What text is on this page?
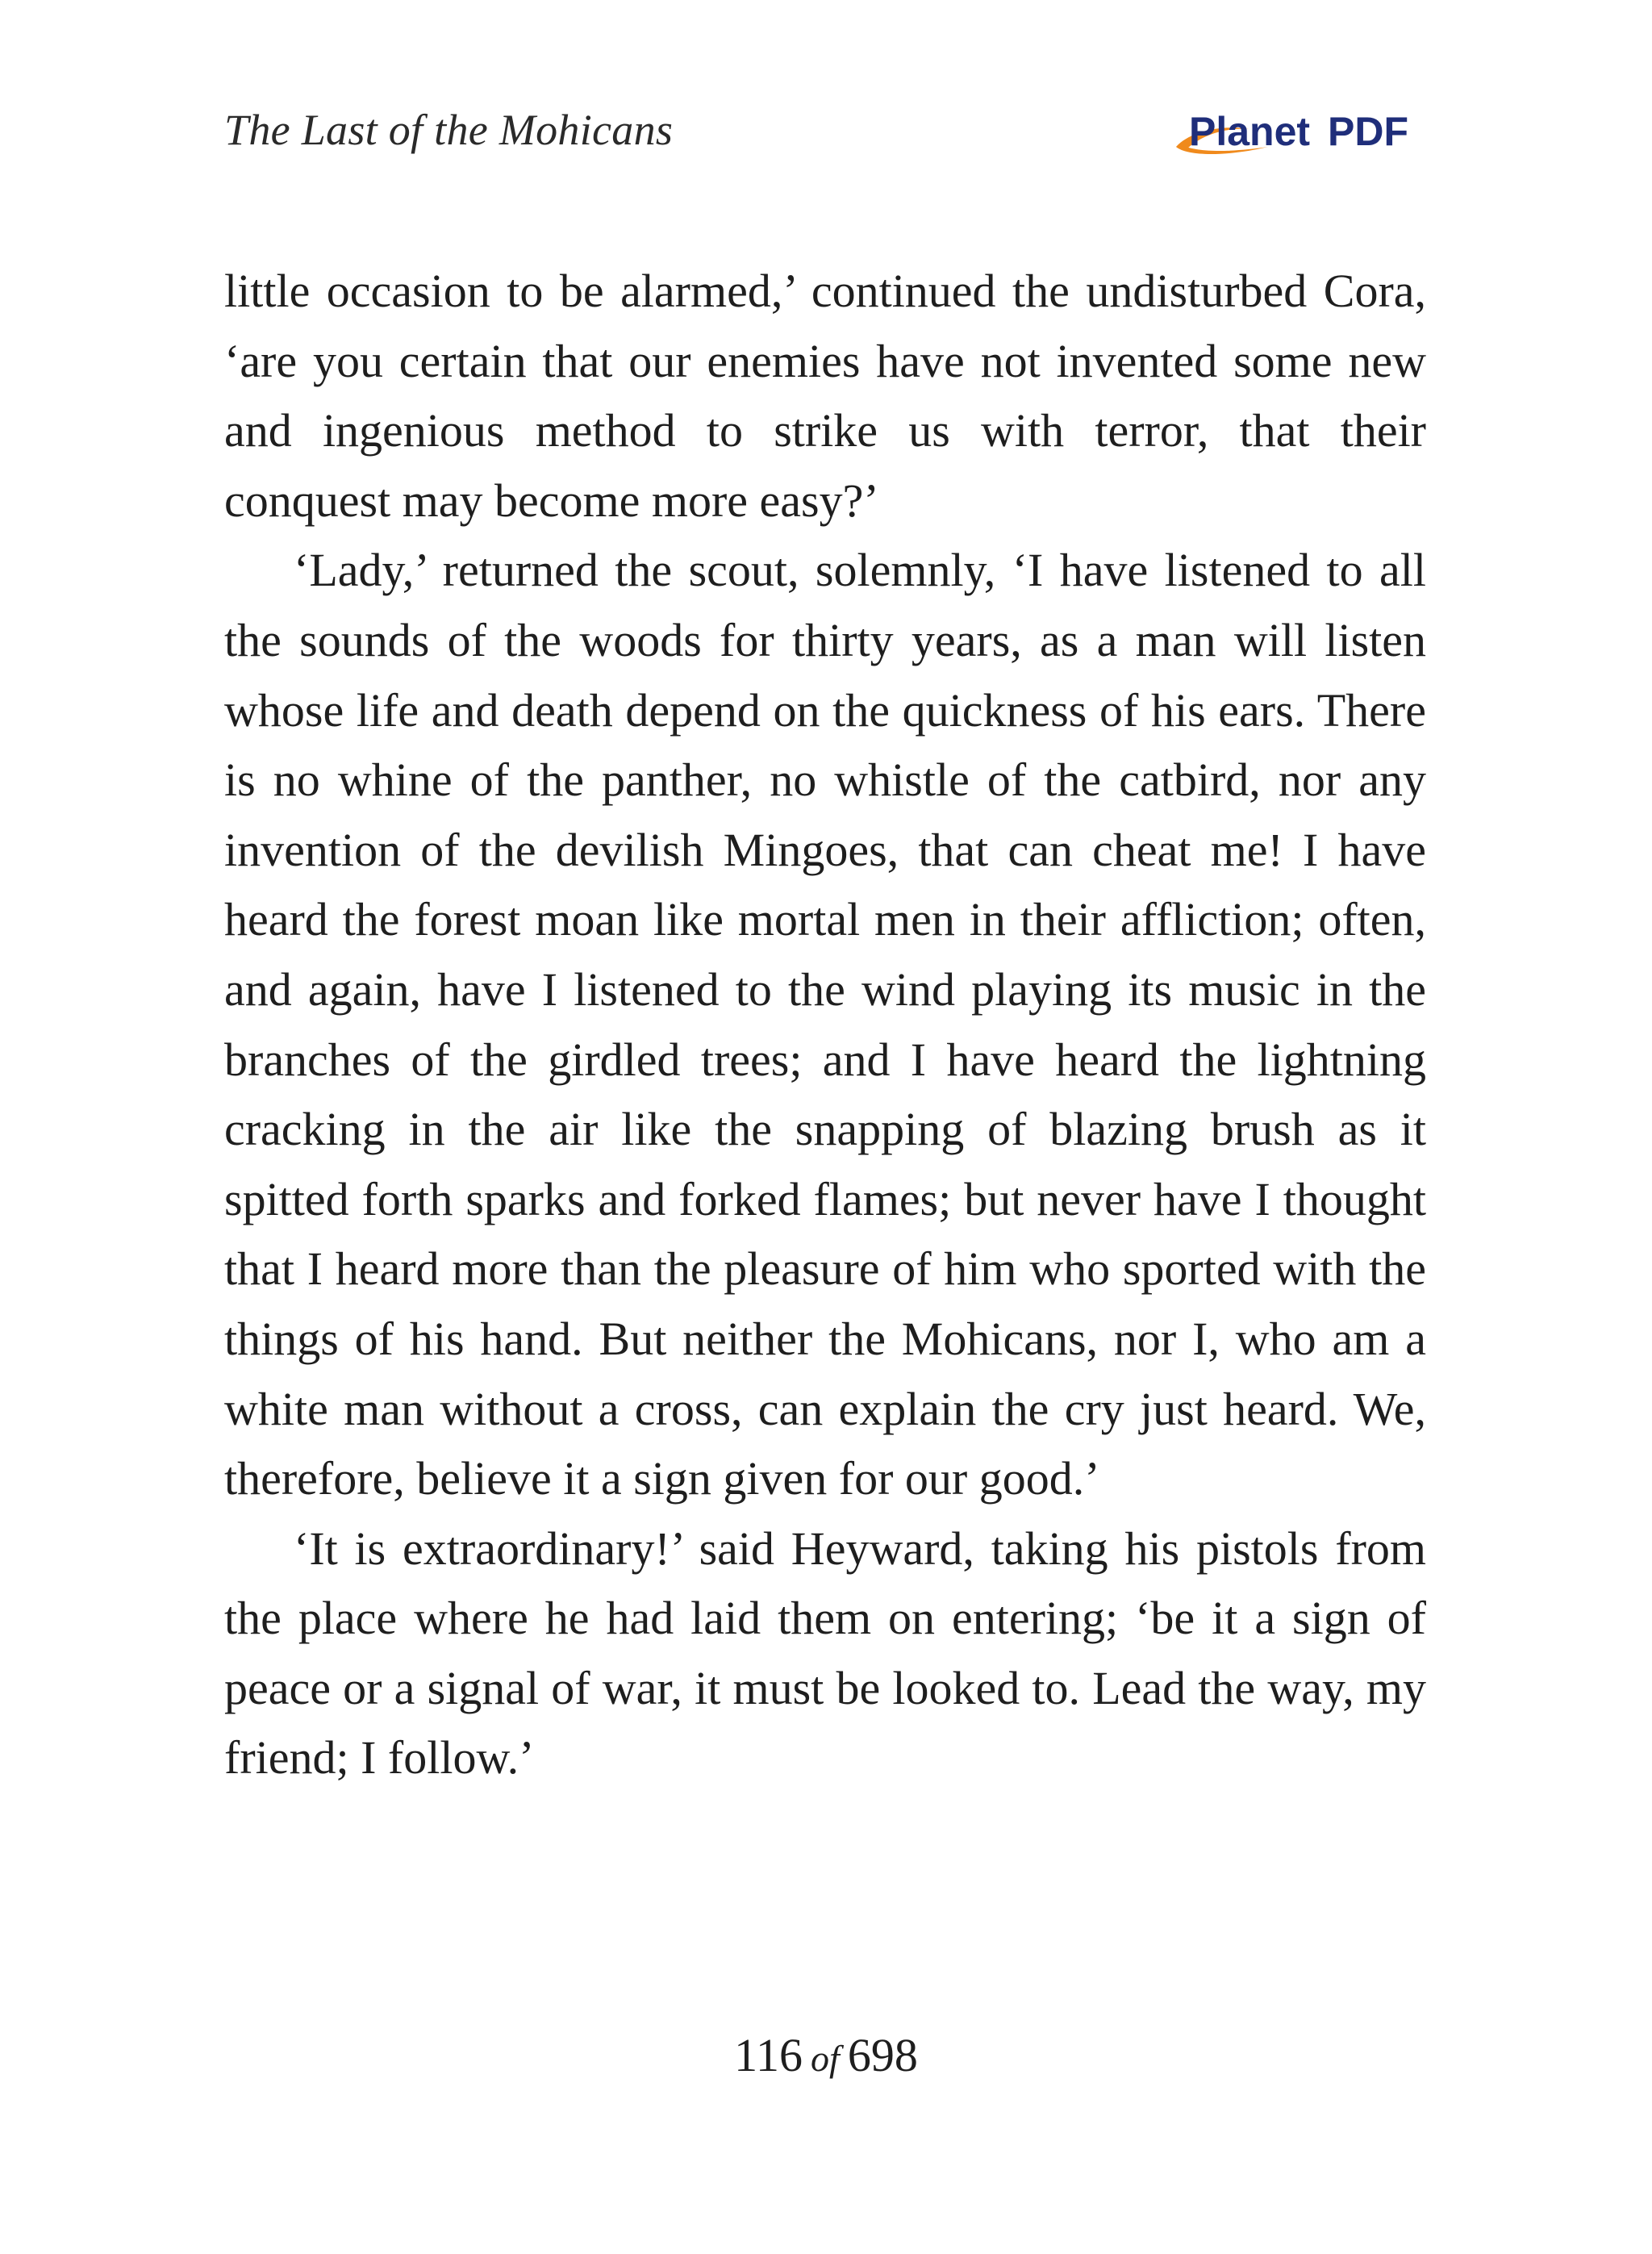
The Last of the Mohicans	Planet PDF

little occasion to be alarmed,’ continued the undisturbed Cora, ‘are you certain that our enemies have not invented some new and ingenious method to strike us with terror, that their conquest may become more easy?’

‘Lady,’ returned the scout, solemnly, ‘I have listened to all the sounds of the woods for thirty years, as a man will listen whose life and death depend on the quickness of his ears. There is no whine of the panther, no whistle of the catbird, nor any invention of the devilish Mingoes, that can cheat me! I have heard the forest moan like mortal men in their affliction; often, and again, have I listened to the wind playing its music in the branches of the girdled trees; and I have heard the lightning cracking in the air like the snapping of blazing brush as it spitted forth sparks and forked flames; but never have I thought that I heard more than the pleasure of him who sported with the things of his hand. But neither the Mohicans, nor I, who am a white man without a cross, can explain the cry just heard. We, therefore, believe it a sign given for our good.’

‘It is extraordinary!’ said Heyward, taking his pistols from the place where he had laid them on entering; ‘be it a sign of peace or a signal of war, it must be looked to. Lead the way, my friend; I follow.’

116 of 698
